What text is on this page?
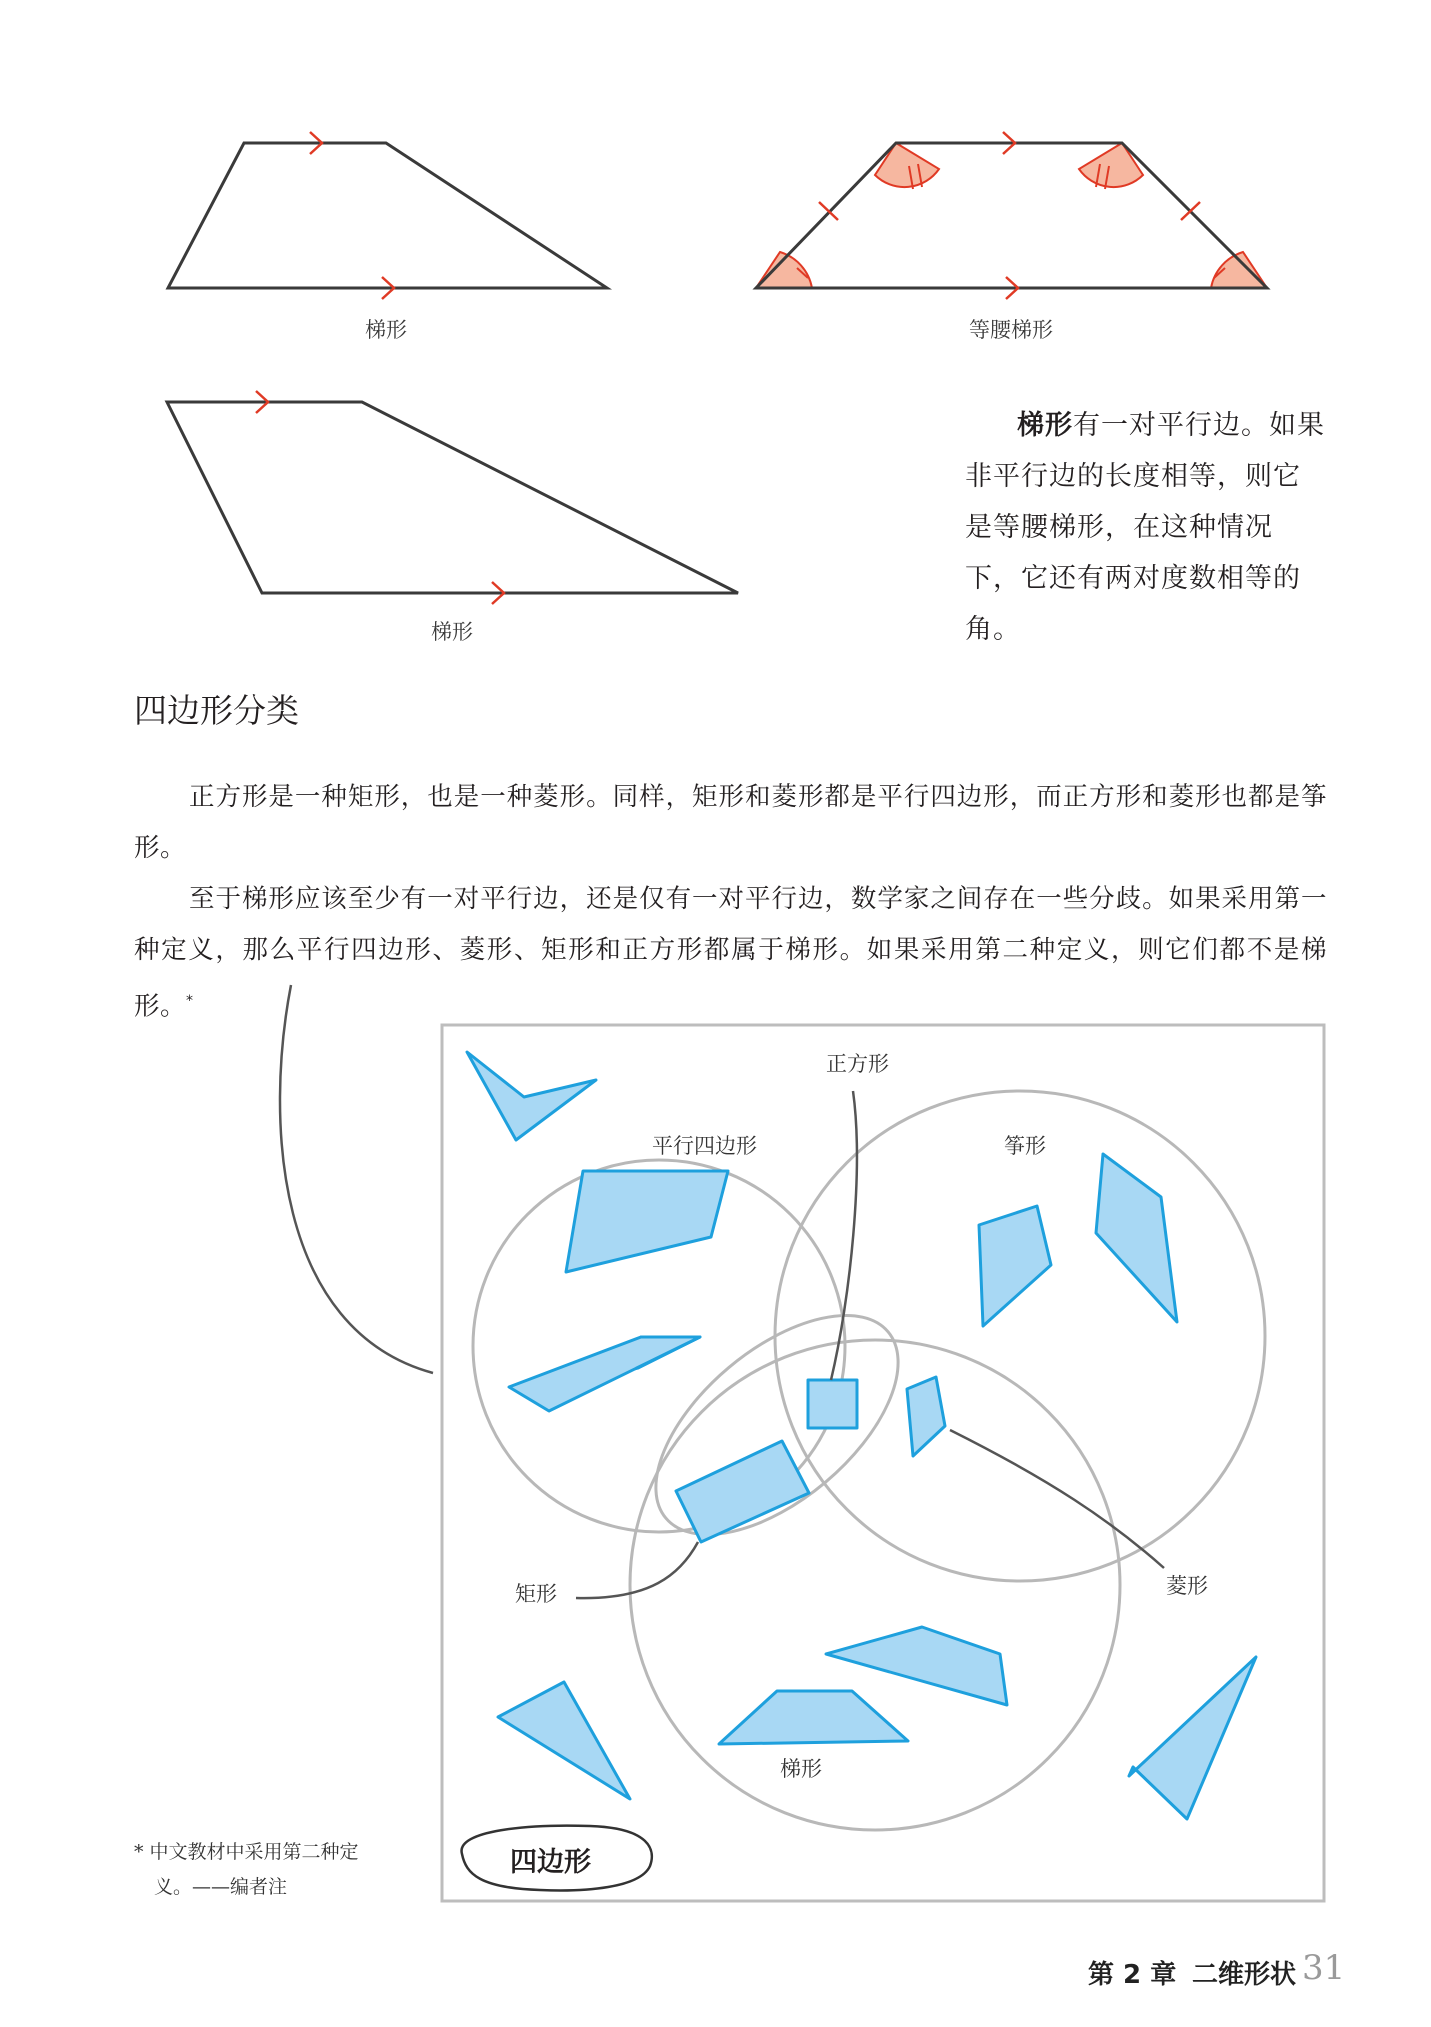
梯形	等腰梯形
梯形
梯形有一对平行边。如果非平行边的长度相等，则它是等腰梯形，在这种情况下，它还有两对度数相等的角。
四边形分类

正方形是一种矩形，也是一种菱形。同样，矩形和菱形都是平行四边形，而正方形和菱形也都是筝形。

至于梯形应该至少有一对平行边，还是仅有一对平行边，数学家之间存在一些分歧。如果采用第一种定义，那么平行四边形、菱形、矩形和正方形都属于梯形。如果采用第二种定义，则它们都不是梯形。*

正方形
平行四边形	筝形
矩形	菱形
梯形
四边形
* 中文教材中采用第二种定
义。——编者注
第 2 章 二维形状 31
